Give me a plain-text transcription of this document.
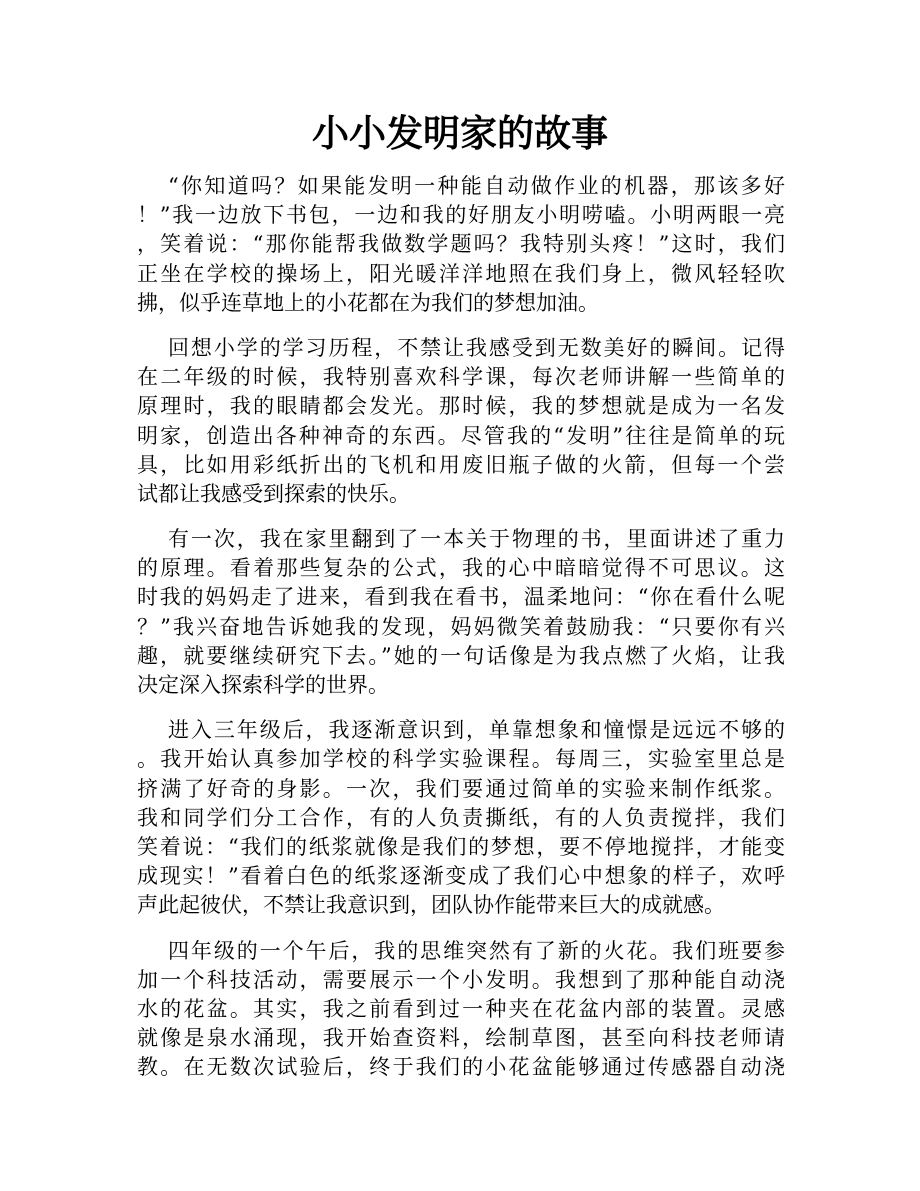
小小发明家的故事
“你知道吗？如果能发明一种能自动做作业的机器，那该多好
！”我一边放下书包，一边和我的好朋友小明唠嗑。小明两眼一亮
，笑着说：“那你能帮我做数学题吗？我特别头疼！”这时，我们
正坐在学校的操场上，阳光暖洋洋地照在我们身上，微风轻轻吹
拂，似乎连草地上的小花都在为我们的梦想加油。
回想小学的学习历程，不禁让我感受到无数美好的瞬间。记得
在二年级的时候，我特别喜欢科学课，每次老师讲解一些简单的
原理时，我的眼睛都会发光。那时候，我的梦想就是成为一名发
明家，创造出各种神奇的东西。尽管我的“发明”往往是简单的玩
具，比如用彩纸折出的飞机和用废旧瓶子做的火箭，但每一个尝
试都让我感受到探索的快乐。
有一次，我在家里翻到了一本关于物理的书，里面讲述了重力
的原理。看着那些复杂的公式，我的心中暗暗觉得不可思议。这
时我的妈妈走了进来，看到我在看书，温柔地问：“你在看什么呢
？”我兴奋地告诉她我的发现，妈妈微笑着鼓励我：“只要你有兴
趣，就要继续研究下去。”她的一句话像是为我点燃了火焰，让我
决定深入探索科学的世界。
进入三年级后，我逐渐意识到，单靠想象和憧憬是远远不够的
。我开始认真参加学校的科学实验课程。每周三，实验室里总是
挤满了好奇的身影。一次，我们要通过简单的实验来制作纸浆。
我和同学们分工合作，有的人负责撕纸，有的人负责搅拌，我们
笑着说：“我们的纸浆就像是我们的梦想，要不停地搅拌，才能变
成现实！”看着白色的纸浆逐渐变成了我们心中想象的样子，欢呼
声此起彼伏，不禁让我意识到，团队协作能带来巨大的成就感。
四年级的一个午后，我的思维突然有了新的火花。我们班要参
加一个科技活动，需要展示一个小发明。我想到了那种能自动浇
水的花盆。其实，我之前看到过一种夹在花盆内部的装置。灵感
就像是泉水涌现，我开始查资料，绘制草图，甚至向科技老师请
教。在无数次试验后，终于我们的小花盆能够通过传感器自动浇
